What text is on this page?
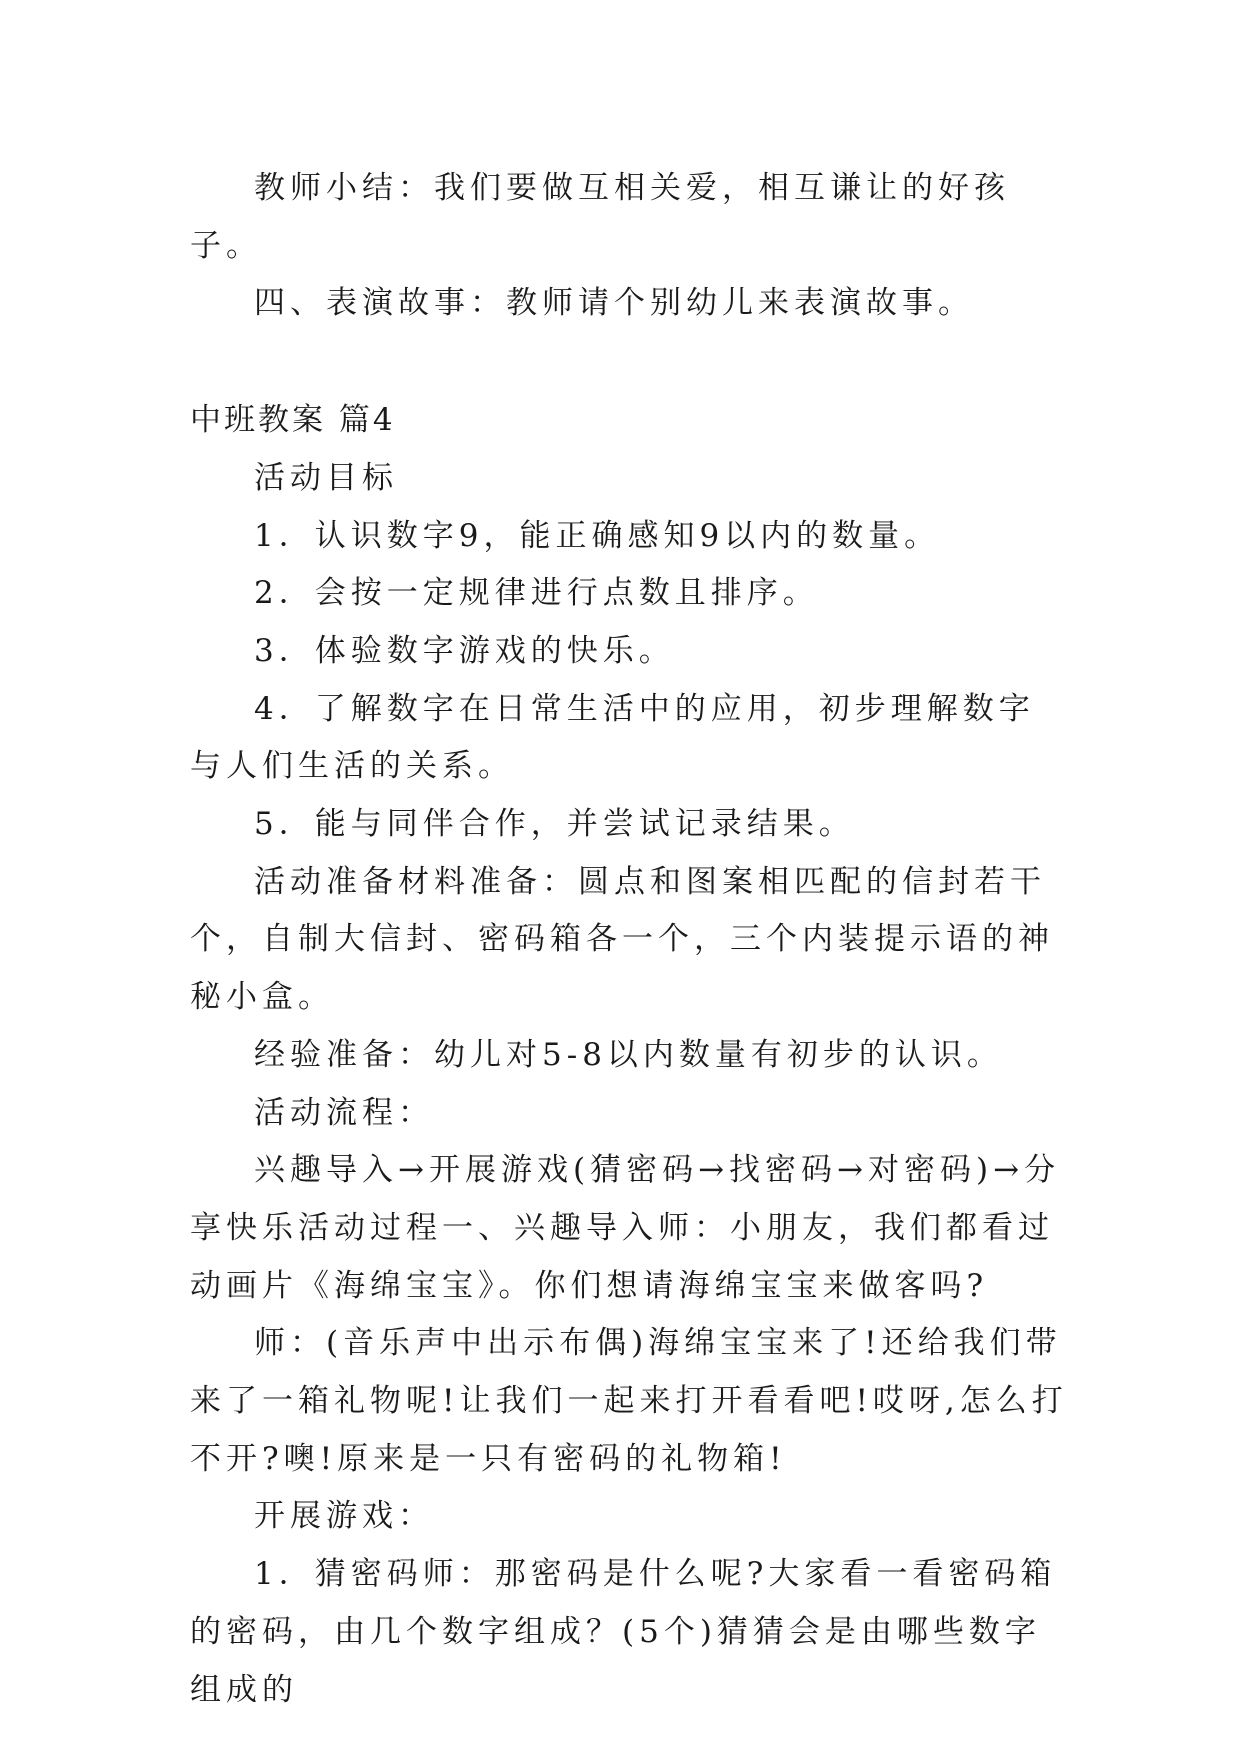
教师小结：我们要做互相关爱，相互谦让的好孩子。

四、表演故事：教师请个别幼儿来表演故事。

中班教案 篇4

活动目标

1．认识数字9，能正确感知9以内的数量。

2．会按一定规律进行点数且排序。

3．体验数字游戏的快乐。

4．了解数字在日常生活中的应用，初步理解数字与人们生活的关系。

5．能与同伴合作，并尝试记录结果。

活动准备材料准备：圆点和图案相匹配的信封若干个，自制大信封、密码箱各一个，三个内装提示语的神秘小盒。

经验准备：幼儿对5-8以内数量有初步的认识。

活动流程：

兴趣导入→开展游戏(猜密码→找密码→对密码)→分享快乐活动过程一、兴趣导入师：小朋友，我们都看过动画片《海绵宝宝》。你们想请海绵宝宝来做客吗?

师：(音乐声中出示布偶)海绵宝宝来了!还给我们带来了一箱礼物呢!让我们一起来打开看看吧!哎呀,怎么打不开?噢!原来是一只有密码的礼物箱!

开展游戏：

1．猜密码师：那密码是什么呢?大家看一看密码箱的密码，由几个数字组成？(5个)猜猜会是由哪些数字组成的
